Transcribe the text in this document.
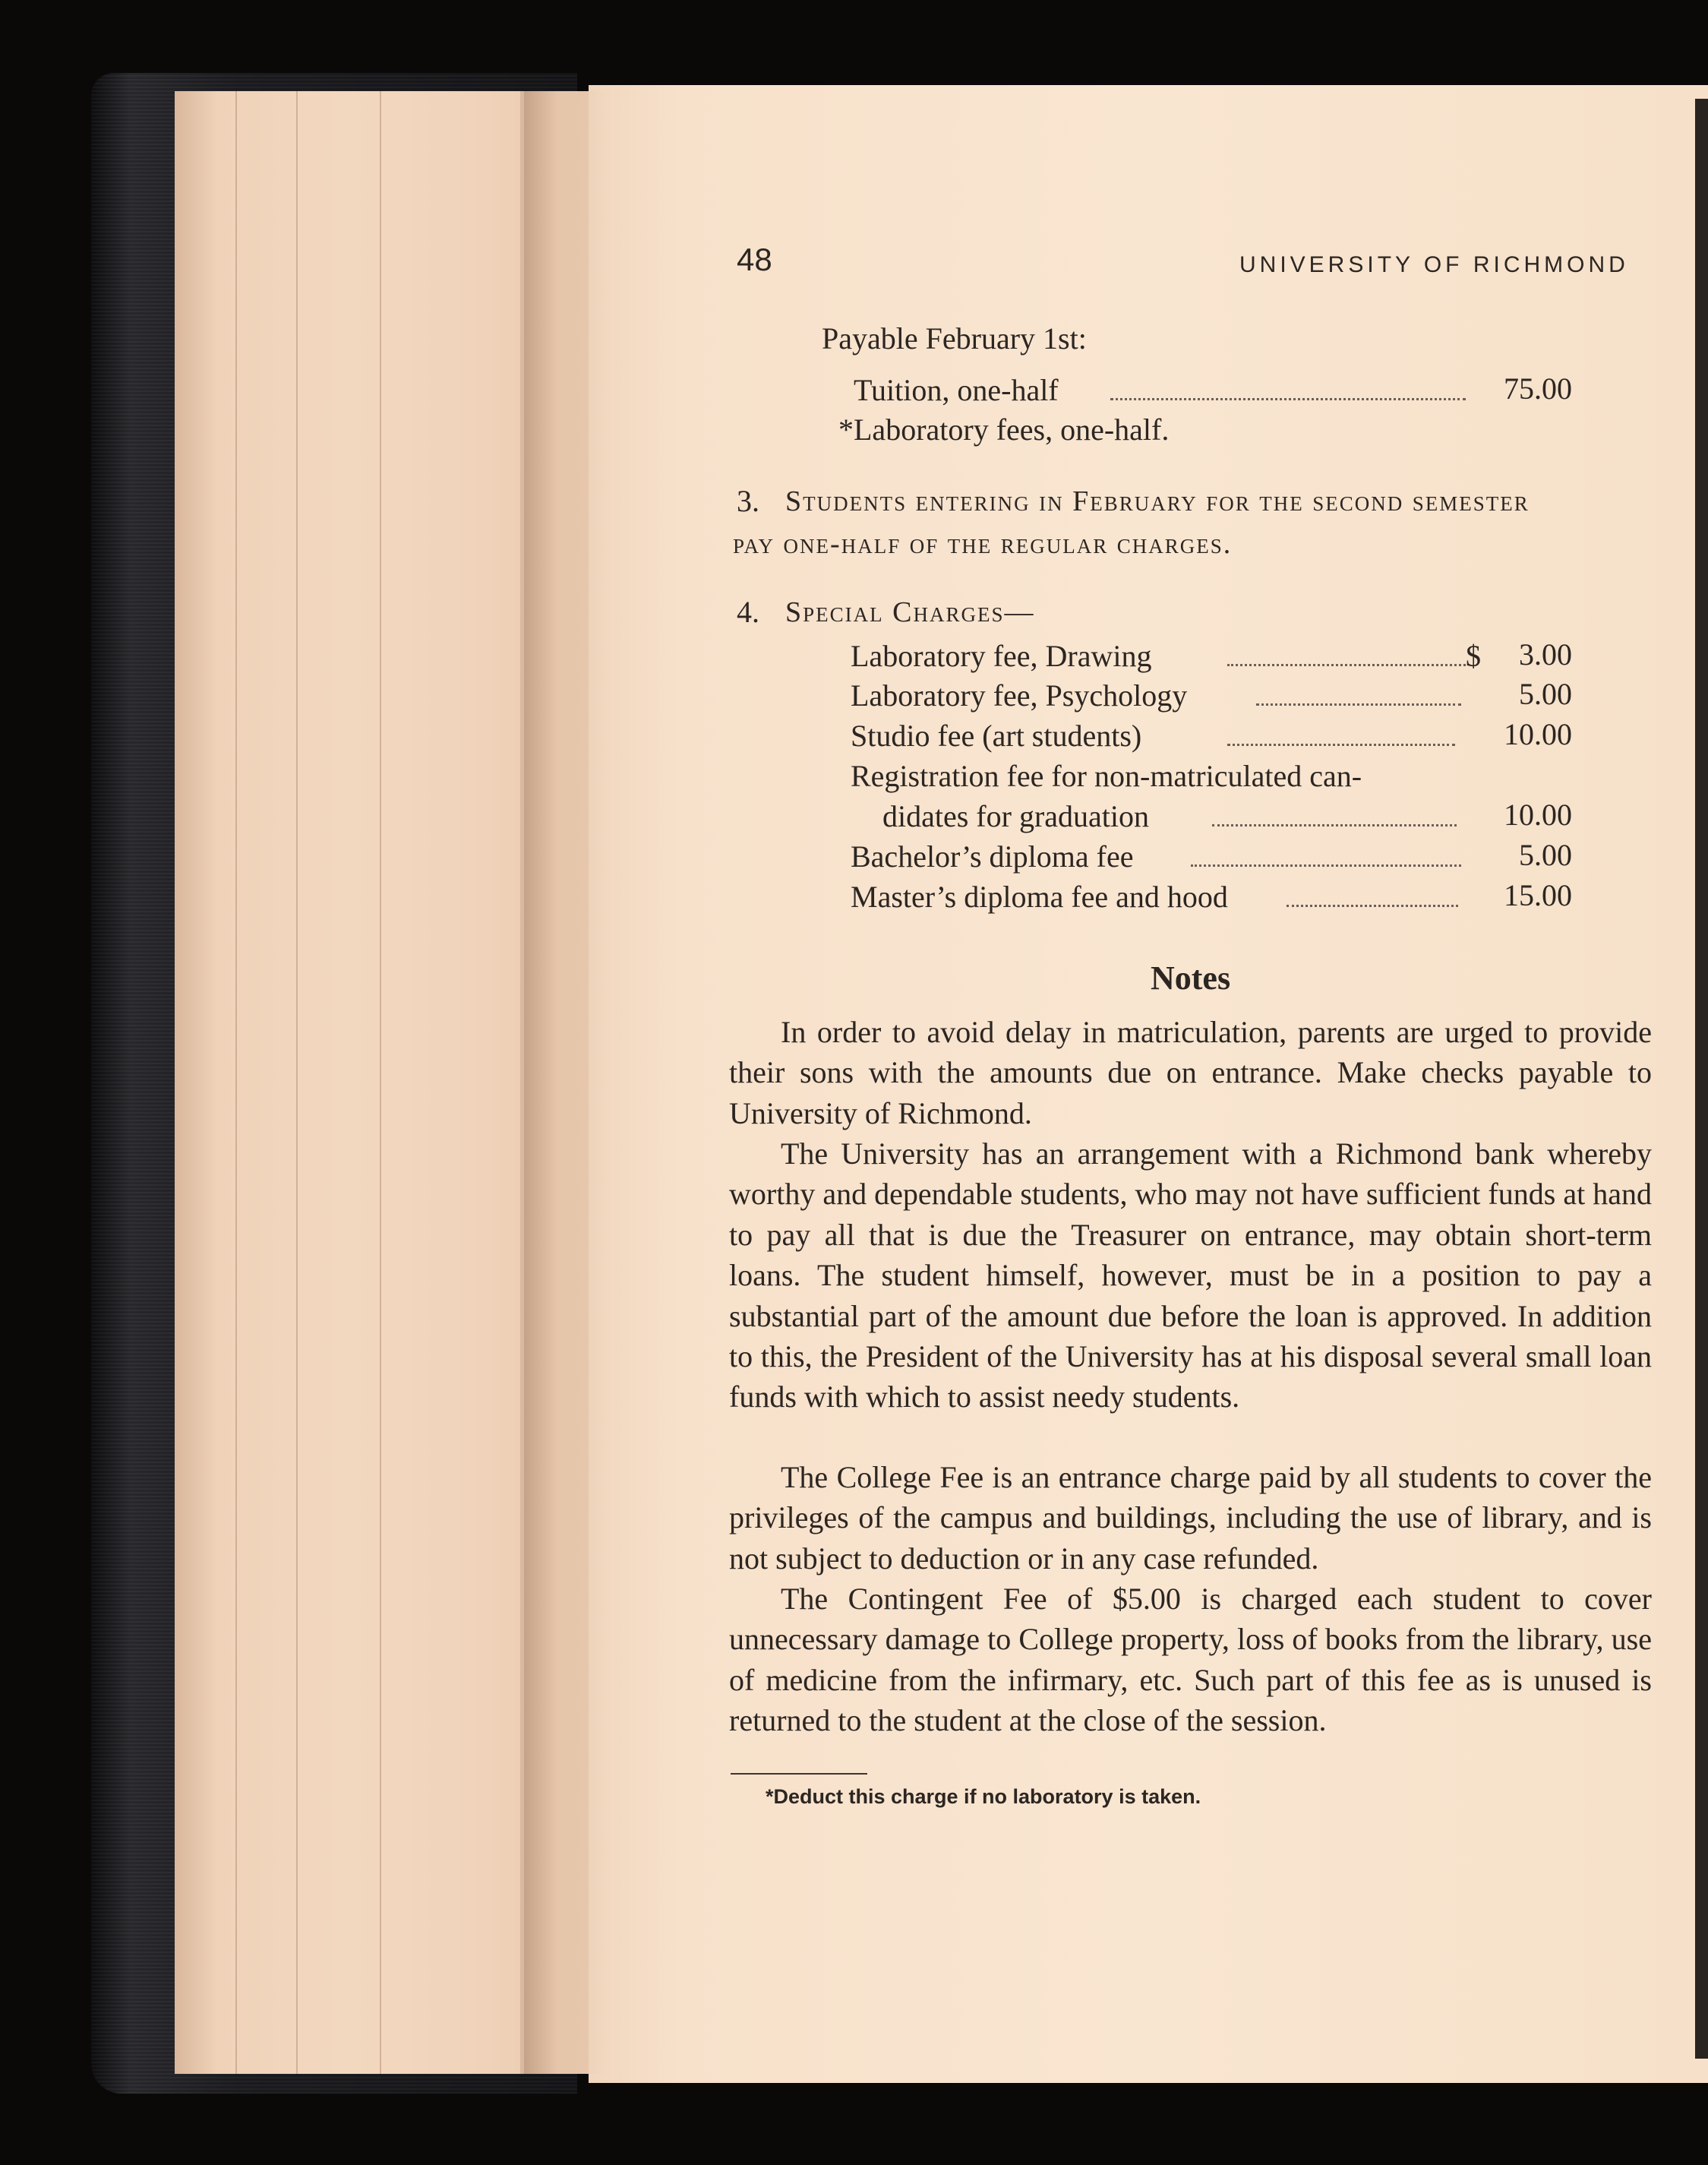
48	UNIVERSITY OF RICHMOND
Payable February 1st:
Tuition, one-half	75.00
*Laboratory fees, one-half.
3. Students entering in February for the second semester
pay one-half of the regular charges.
4. Special Charges—
Laboratory fee, Drawing	$	3.00
Laboratory fee, Psychology	5.00
Studio fee (art students)	10.00
Registration fee for non-matriculated can-
didates for graduation	10.00
Bachelor’s diploma fee	5.00
Master’s diploma fee and hood	15.00
Notes
In order to avoid delay in matriculation, parents are urged to provide their sons with the amounts due on entrance. Make checks payable to University of Richmond.
The University has an arrangement with a Richmond bank whereby worthy and dependable students, who may not have sufficient funds at hand to pay all that is due the Treasurer on entrance, may obtain short-term loans. The student himself, however, must be in a position to pay a substantial part of the amount due before the loan is approved. In addition to this, the President of the University has at his disposal several small loan funds with which to assist needy students.
The College Fee is an entrance charge paid by all students to cover the privileges of the campus and buildings, including the use of library, and is not subject to deduction or in any case refunded.
The Contingent Fee of $5.00 is charged each student to cover unnecessary damage to College property, loss of books from the library, use of medicine from the infirmary, etc. Such part of this fee as is unused is returned to the student at the close of the session.
*Deduct this charge if no laboratory is taken.
